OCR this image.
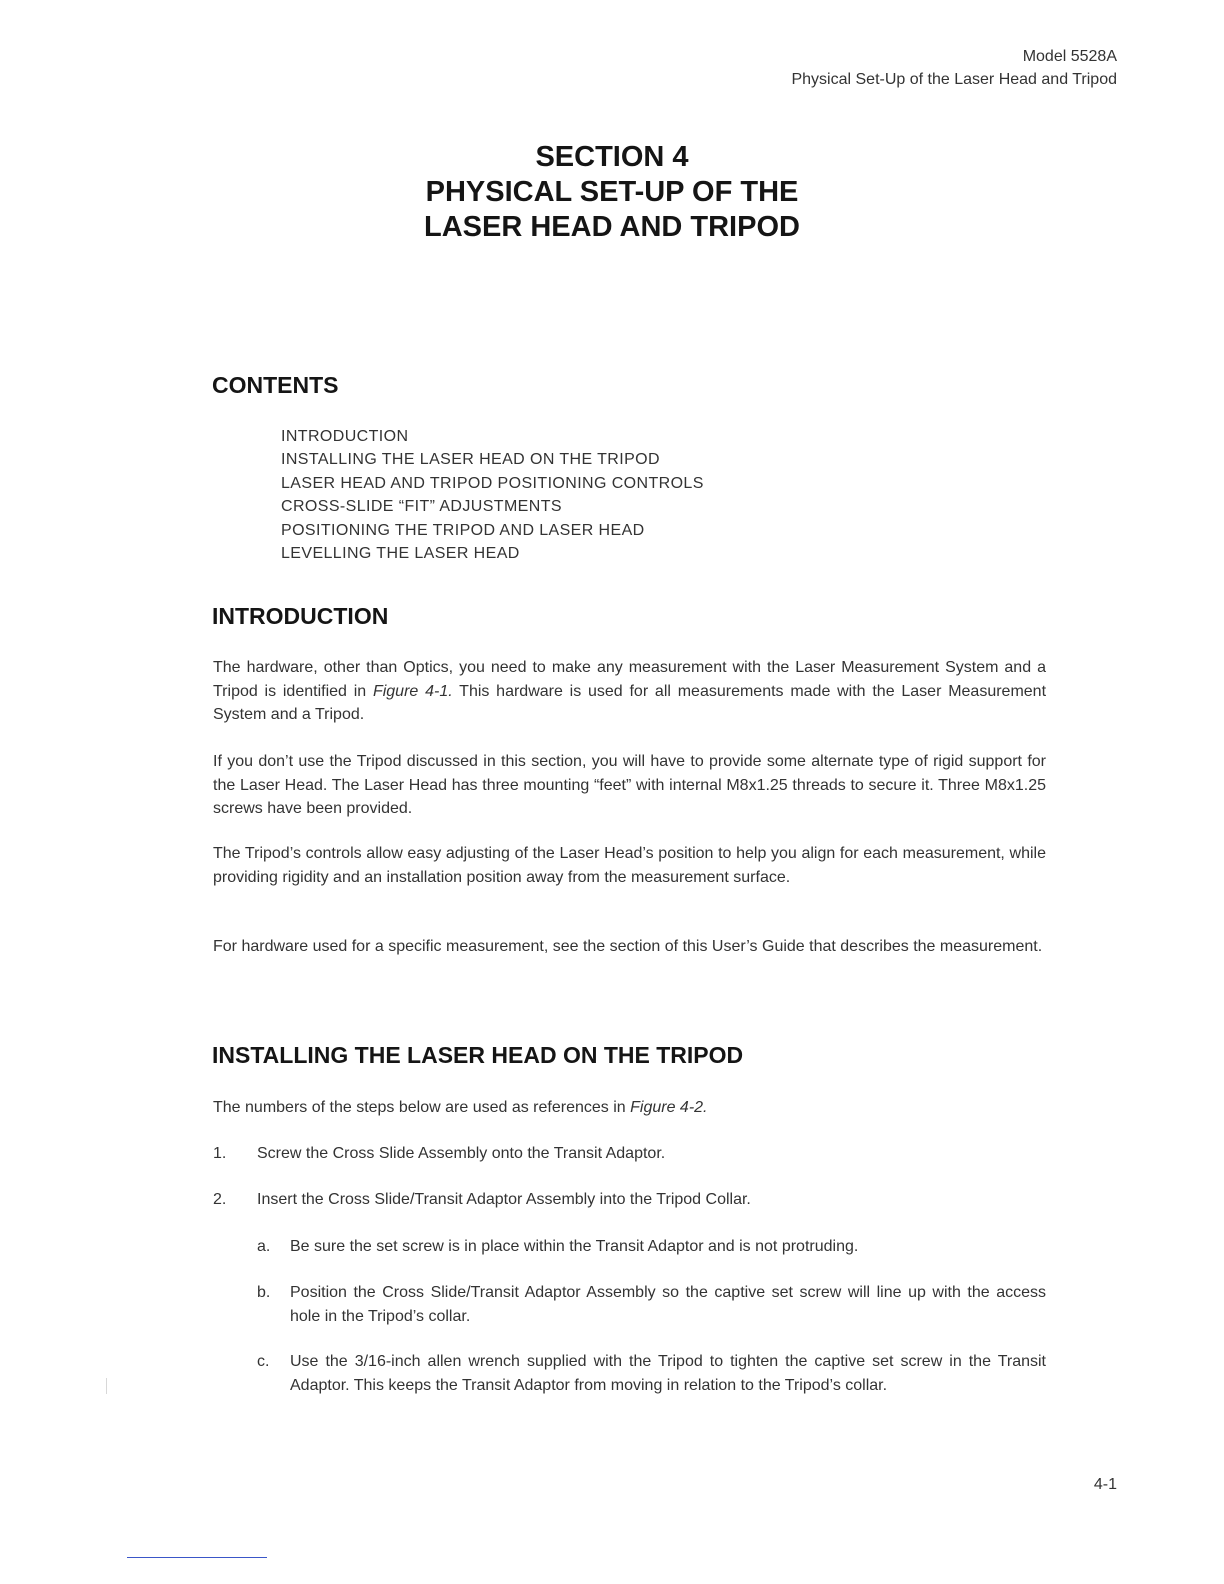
Model 5528A
Physical Set-Up of the Laser Head and Tripod
SECTION 4
PHYSICAL SET-UP OF THE
LASER HEAD AND TRIPOD
CONTENTS
INTRODUCTION
INSTALLING THE LASER HEAD ON THE TRIPOD
LASER HEAD AND TRIPOD POSITIONING CONTROLS
CROSS-SLIDE “FIT” ADJUSTMENTS
POSITIONING THE TRIPOD AND LASER HEAD
LEVELLING THE LASER HEAD
INTRODUCTION

The hardware, other than Optics, you need to make any measurement with the Laser Measurement System and a Tripod is identified in Figure 4-1. This hardware is used for all measurements made with the Laser Measurement System and a Tripod.

If you don’t use the Tripod discussed in this section, you will have to provide some alternate type of rigid support for the Laser Head. The Laser Head has three mounting “feet” with internal M8x1.25 threads to secure it. Three M8x1.25 screws have been provided.

The Tripod’s controls allow easy adjusting of the Laser Head’s position to help you align for each measurement, while providing rigidity and an installation position away from the measurement surface.

For hardware used for a specific measurement, see the section of this User’s Guide that describes the measurement.

INSTALLING THE LASER HEAD ON THE TRIPOD

The numbers of the steps below are used as references in Figure 4-2.

1. Screw the Cross Slide Assembly onto the Transit Adaptor.
2. Insert the Cross Slide/Transit Adaptor Assembly into the Tripod Collar.
a. Be sure the set screw is in place within the Transit Adaptor and is not protruding.
b. Position the Cross Slide/Transit Adaptor Assembly so the captive set screw will line up with the access hole in the Tripod’s collar.
c. Use the 3/16-inch allen wrench supplied with the Tripod to tighten the captive set screw in the Transit Adaptor. This keeps the Transit Adaptor from moving in relation to the Tripod’s collar.
4-1
